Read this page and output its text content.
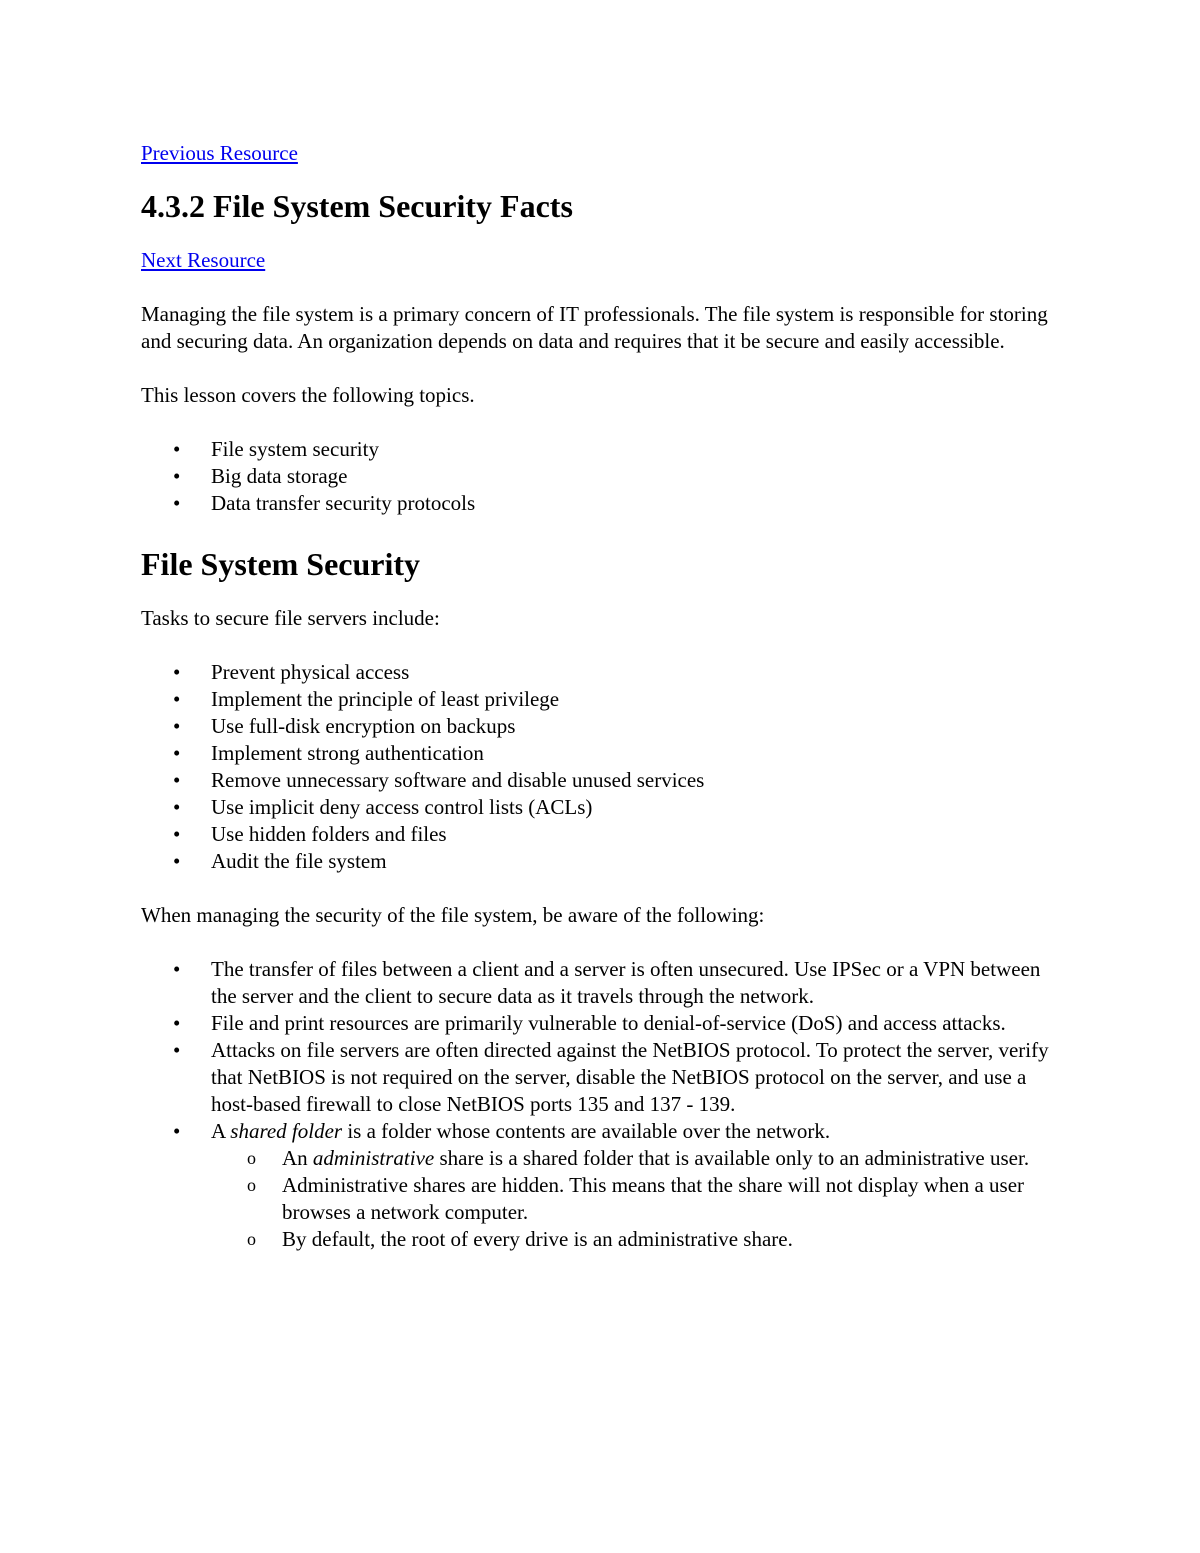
Previous Resource
4.3.2 File System Security Facts
Next Resource

Managing the file system is a primary concern of IT professionals. The file system is responsible for storing and securing data. An organization depends on data and requires that it be secure and easily accessible.

This lesson covers the following topics.

• File system security
• Big data storage
• Data transfer security protocols
File System Security

Tasks to secure file servers include:

• Prevent physical access
• Implement the principle of least privilege
• Use full-disk encryption on backups
• Implement strong authentication
• Remove unnecessary software and disable unused services
• Use implicit deny access control lists (ACLs)
• Use hidden folders and files
• Audit the file system

When managing the security of the file system, be aware of the following:

• The transfer of files between a client and a server is often unsecured. Use IPSec or a VPN between the server and the client to secure data as it travels through the network.
• File and print resources are primarily vulnerable to denial-of-service (DoS) and access attacks.
• Attacks on file servers are often directed against the NetBIOS protocol. To protect the server, verify that NetBIOS is not required on the server, disable the NetBIOS protocol on the server, and use a host-based firewall to close NetBIOS ports 135 and 137 - 139.
• A shared folder is a folder whose contents are available over the network.
o An administrative share is a shared folder that is available only to an administrative user.
o Administrative shares are hidden. This means that the share will not display when a user browses a network computer.
o By default, the root of every drive is an administrative share.
